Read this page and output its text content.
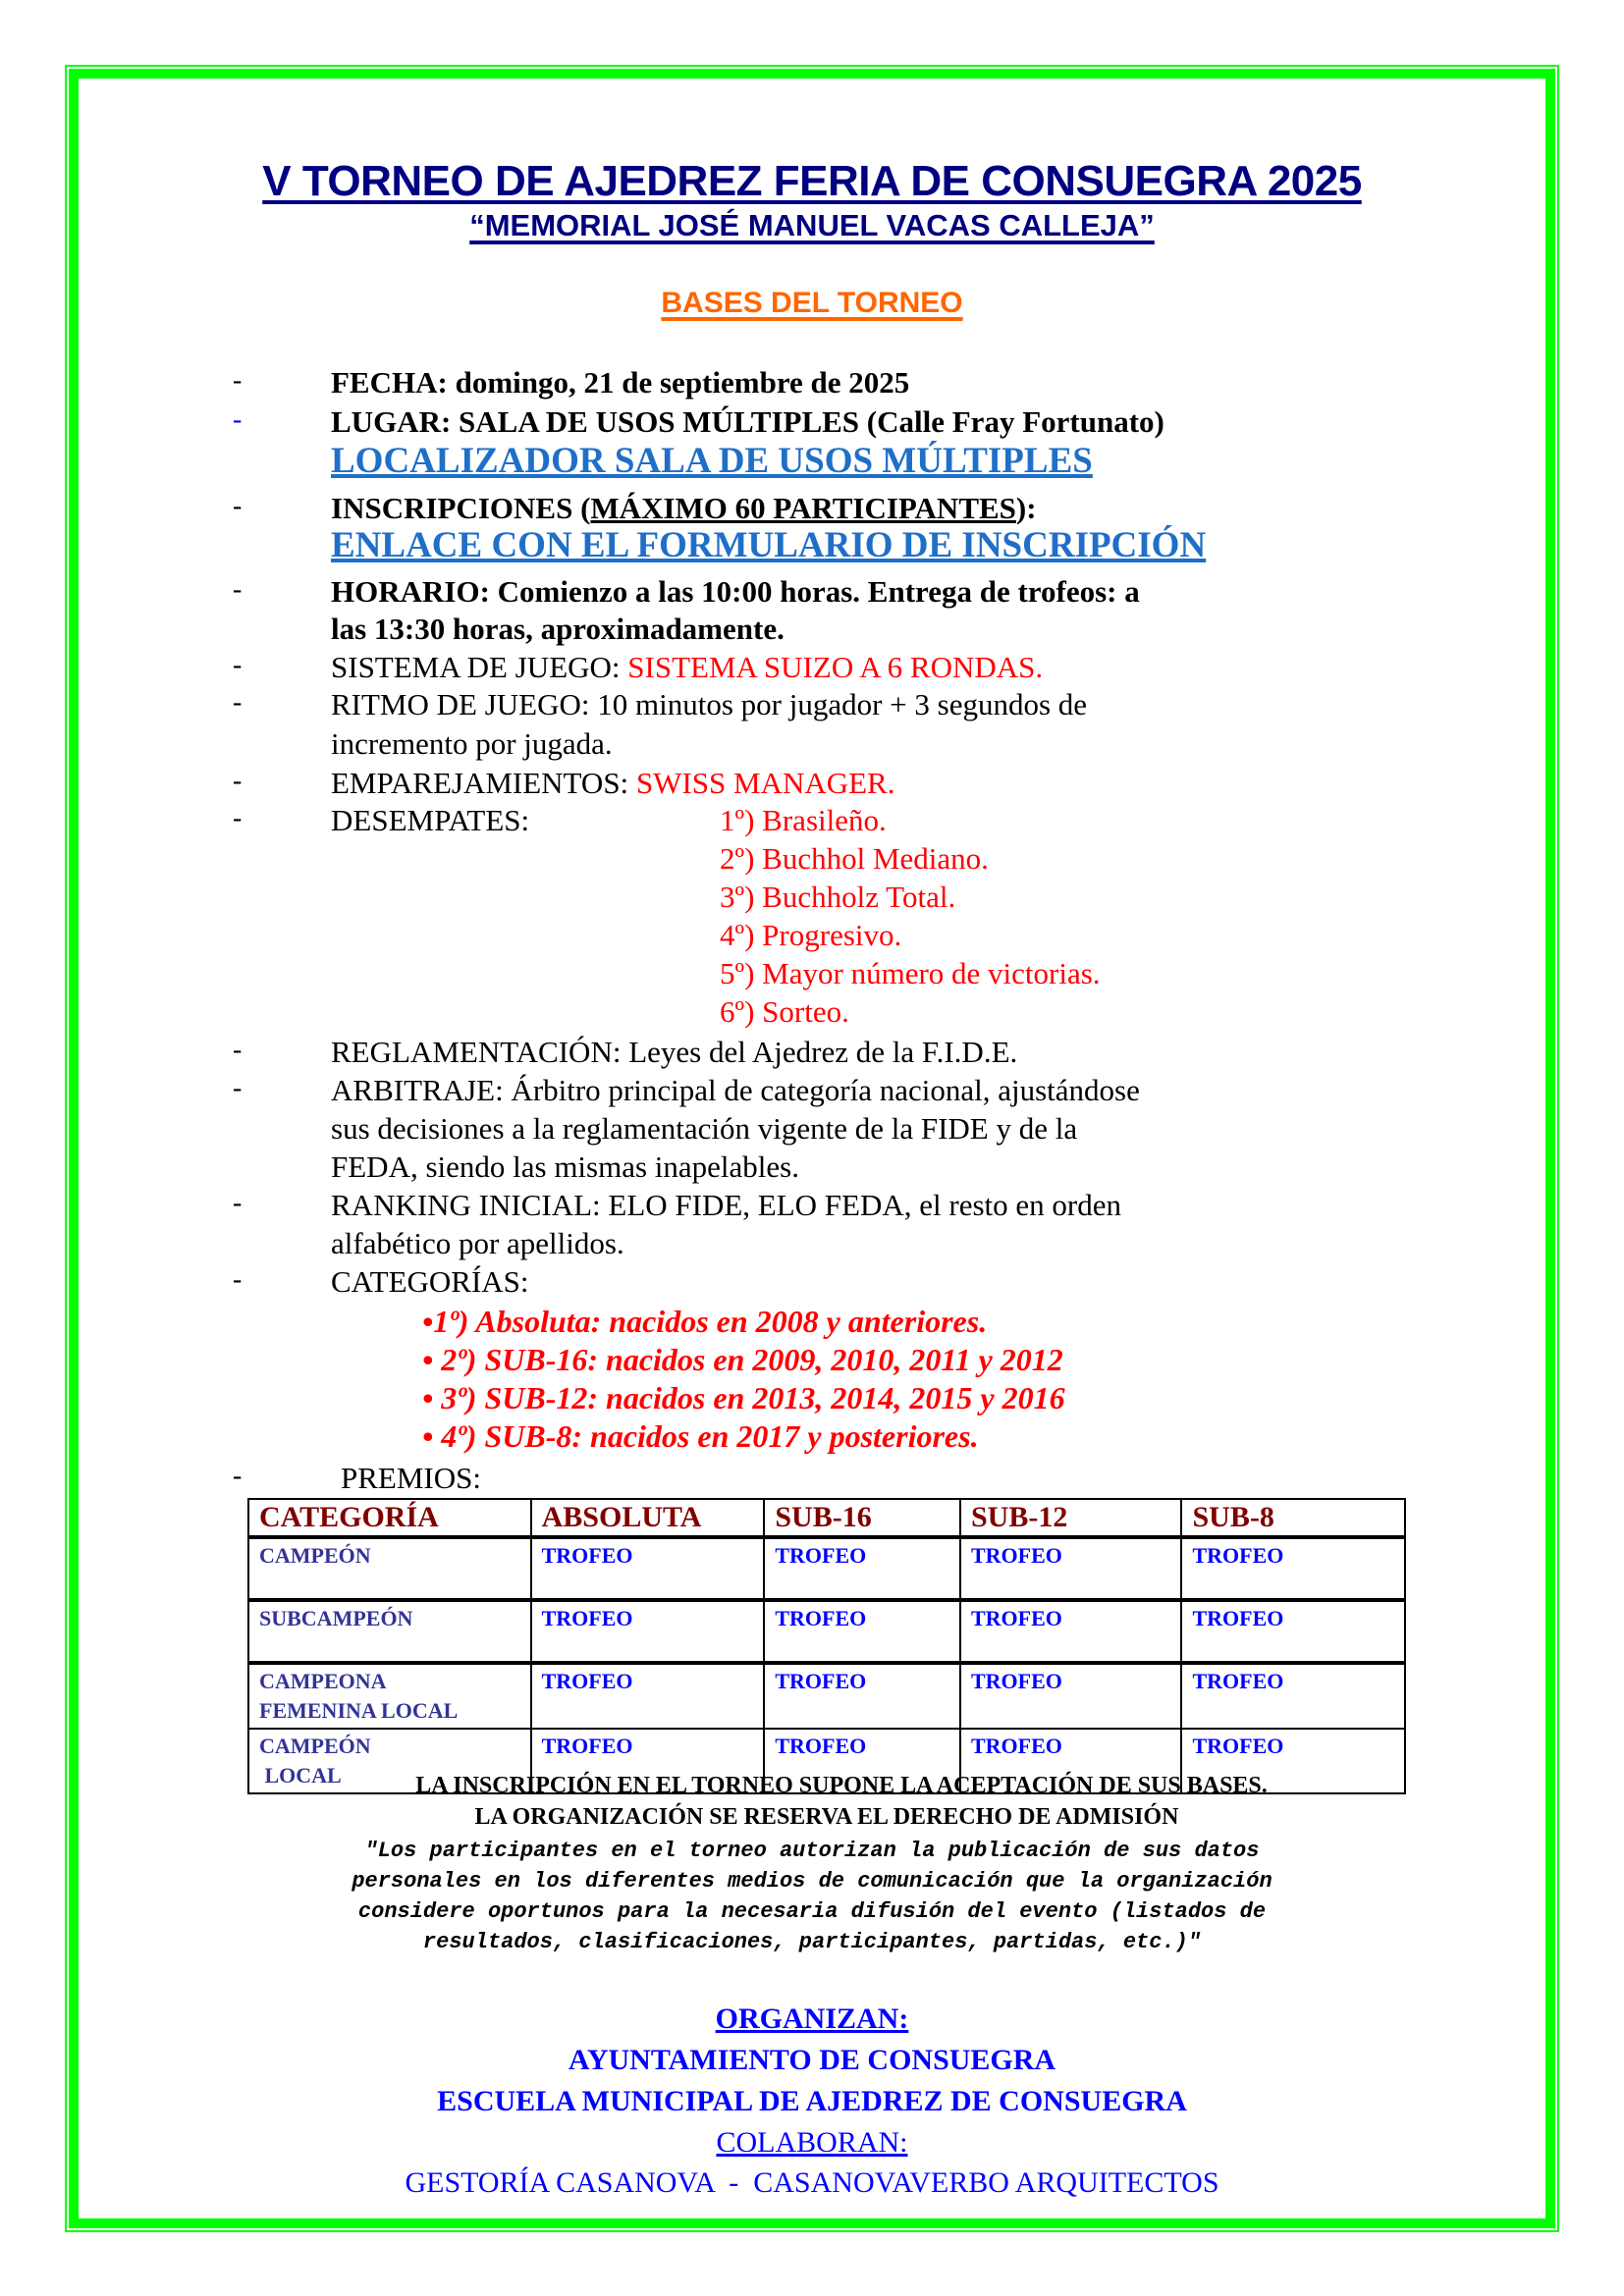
V TORNEO DE AJEDREZ FERIA DE CONSUEGRA 2025
“MEMORIAL JOSÉ MANUEL VACAS CALLEJA”
BASES DEL TORNEO
-
-
-
-
-
-
-
-
-
-
-
-
-
FECHA: domingo, 21 de septiembre de 2025
LUGAR: SALA DE USOS MÚLTIPLES (Calle Fray Fortunato)
LOCALIZADOR SALA DE USOS MÚLTIPLES
INSCRIPCIONES (MÁXIMO 60 PARTICIPANTES):
ENLACE CON EL FORMULARIO DE INSCRIPCIÓN
HORARIO: Comienzo a las 10:00 horas. Entrega de trofeos: a
las 13:30 horas, aproximadamente.
SISTEMA DE JUEGO: SISTEMA SUIZO A 6 RONDAS.
RITMO DE JUEGO: 10 minutos por jugador + 3 segundos de
incremento por jugada.
EMPAREJAMIENTOS: SWISS MANAGER.
DESEMPATES:	1º) Brasileño.
2º) Buchhol Mediano.
3º) Buchholz Total.
4º) Progresivo.
5º) Mayor número de victorias.
6º) Sorteo.
REGLAMENTACIÓN: Leyes del Ajedrez de la F.I.D.E.
ARBITRAJE: Árbitro principal de categoría nacional, ajustándose
sus decisiones a la reglamentación vigente de la FIDE y de la
FEDA, siendo las mismas inapelables.
RANKING INICIAL: ELO FIDE, ELO FEDA, el resto en orden
alfabético por apellidos.
CATEGORÍAS:
•1º) Absoluta: nacidos en 2008 y anteriores.
• 2º) SUB-16: nacidos en 2009, 2010, 2011 y 2012
• 3º) SUB-12: nacidos en 2013, 2014, 2015 y 2016
• 4º) SUB-8: nacidos en 2017 y posteriores.
PREMIOS:
CATEGORÍA	ABSOLUTA	SUB-16	SUB-12	SUB-8
CAMPEÓN	TROFEO	TROFEO	TROFEO	TROFEO
SUBCAMPEÓN	TROFEO	TROFEO	TROFEO	TROFEO

CAMPEONA
FEMENINA LOCAL	TROFEO	TROFEO	TROFEO	TROFEO

CAMPEÓN
LOCAL	TROFEO	TROFEO	TROFEO	TROFEO
LA INSCRIPCIÓN EN EL TORNEO SUPONE LA ACEPTACIÓN DE SUS BASES.
LA ORGANIZACIÓN SE RESERVA EL DERECHO DE ADMISIÓN
"Los participantes en el torneo autorizan la publicación de sus datos
personales en los diferentes medios de comunicación que la organización
considere oportunos para la necesaria difusión del evento (listados de
resultados, clasificaciones, participantes, partidas, etc.)"
ORGANIZAN:
AYUNTAMIENTO DE CONSUEGRA
ESCUELA MUNICIPAL DE AJEDREZ DE CONSUEGRA
COLABORAN:
GESTORÍA CASANOVA  -  CASANOVAVERBO ARQUITECTOS
